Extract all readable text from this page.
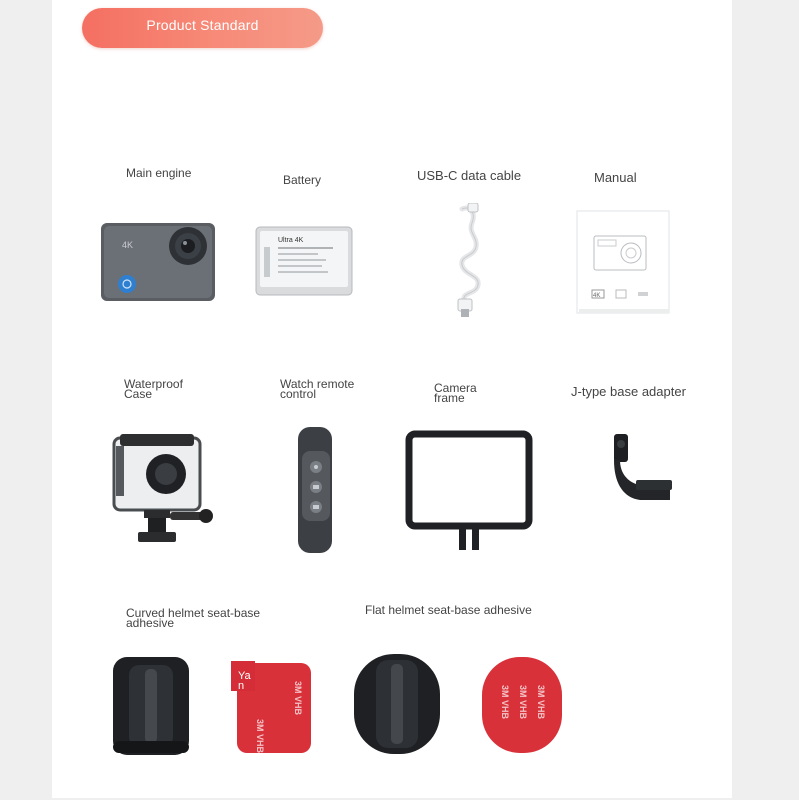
Product Standard
Main engine	Battery	USB-C data cable	Manual
4K	Ultra 4K
4K
Waterproof
Case
Watch remote
control	Camera
frame	J-type base adapter
Curved helmet seat-base
adhesive
Flat helmet seat-base adhesive
Ya
n
3M VHB
3M VHB	3M VHB 3M VHB 3M VHB
